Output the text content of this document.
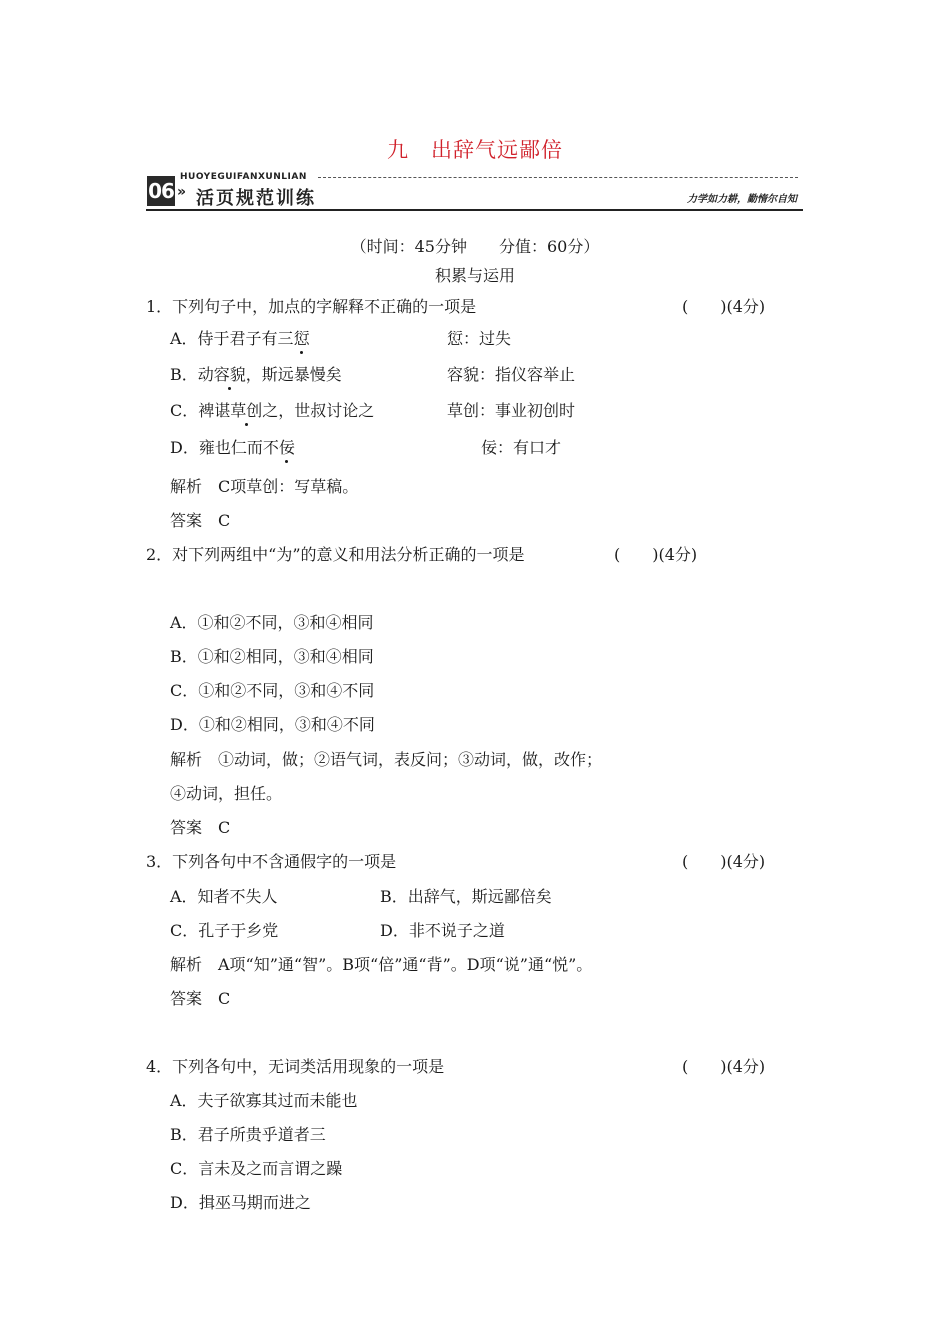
九　出辞气远鄙倍
HUOYEGUIFANXUNLIAN
06 » 活页规范训练	力学如力耕，勤惰尔自知
（时间：45分钟　　分值：60分）
积累与运用
1．下列句子中，加点的字解释不正确的一项是	(　　)(4分)
A．侍于君子有三愆	愆：过失
B．动容貌，斯远暴慢矣	容貌：指仪容举止
C．裨谌草创之，世叔讨论之	草创：事业初创时
D．雍也仁而不佞	佞：有口才
解析　C项草创：写草稿。
答案　C
2．对下列两组中“为”的意义和用法分析正确的一项是	(　　)(4分)
A．①和②不同，③和④相同
B．①和②相同，③和④相同
C．①和②不同，③和④不同
D．①和②相同，③和④不同
解析　①动词，做；②语气词，表反问；③动词，做，改作；
④动词，担任。
答案　C
3．下列各句中不含通假字的一项是	(　　)(4分)
A．知者不失人	B．出辞气，斯远鄙倍矣
C．孔子于乡党	D．非不说子之道
解析　A项“知”通“智”。B项“倍”通“背”。D项“说”通“悦”。
答案　C
4．下列各句中，无词类活用现象的一项是	(　　)(4分)
A．夫子欲寡其过而未能也
B．君子所贵乎道者三
C．言未及之而言谓之躁
D．揖巫马期而进之
